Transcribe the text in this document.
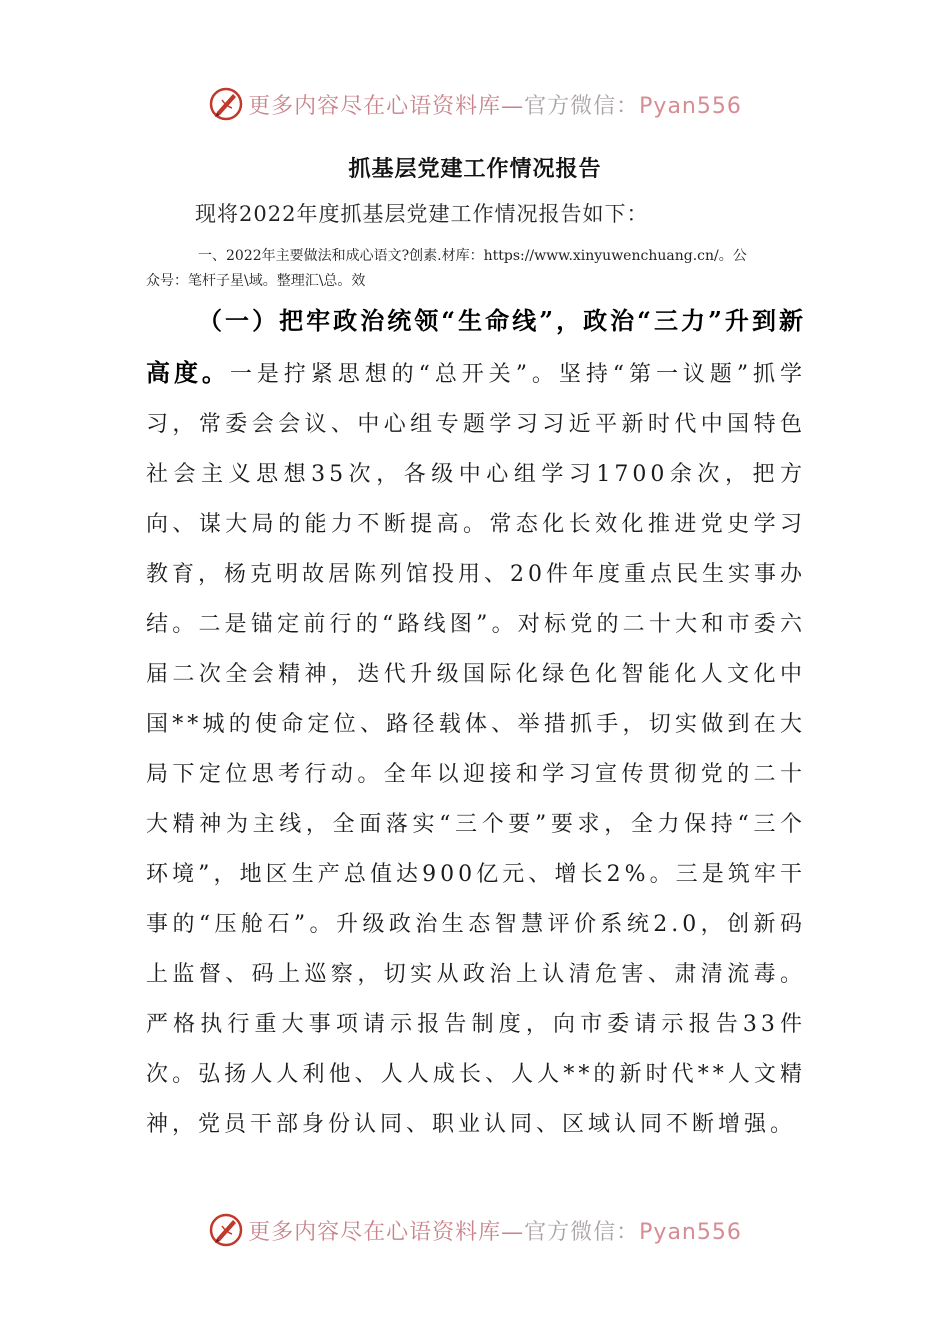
更多内容尽在心语资料库—官方微信：Pyan556
抓基层党建工作情况报告
现将2022年度抓基层党建工作情况报告如下：
一、2022年主要做法和成心语文?创素.材库：https://www.xinyuwenchuang.cn/。公
众号：笔杆子星\域。整理汇\总。效
（一）把牢政治统领“生命线”，政治“三力”升到新高度。一是拧紧思想的“总开关”。坚持“第一议题”抓学习，常委会会议、中心组专题学习习近平新时代中国特色社会主义思想35次，各级中心组学习1700余次，把方向、谋大局的能力不断提高。常态化长效化推进党史学习教育，杨克明故居陈列馆投用、20件年度重点民生实事办结。二是锚定前行的“路线图”。对标党的二十大和市委六届二次全会精神，迭代升级国际化绿色化智能化人文化中国**城的使命定位、路径载体、举措抓手，切实做到在大局下定位思考行动。全年以迎接和学习宣传贯彻党的二十大精神为主线，全面落实“三个要”要求，全力保持“三个环境”，地区生产总值达900亿元、增长2%。三是筑牢干事的“压舱石”。升级政治生态智慧评价系统2.0，创新码上监督、码上巡察，切实从政治上认清危害、肃清流毒。严格执行重大事项请示报告制度，向市委请示报告33件次。弘扬人人利他、人人成长、人人**的新时代**人文精神，党员干部身份认同、职业认同、区域认同不断增强。
更多内容尽在心语资料库—官方微信：Pyan556
